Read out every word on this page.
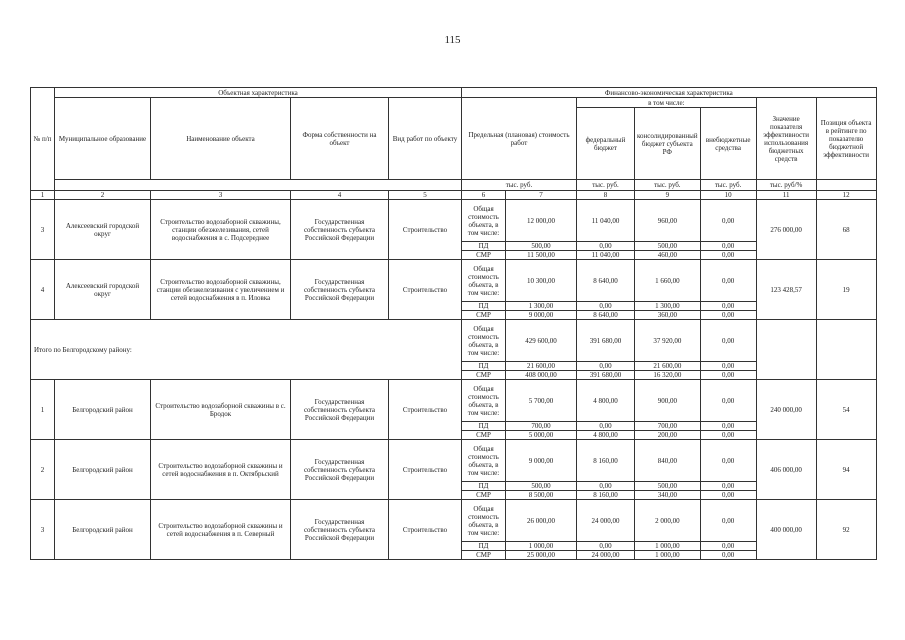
115
№ п/п	Объектная характеристика				Финансово-экономическая характеристика						
	Муниципальное образование	Наименование объекта	Форма собственности на объект	Вид работ по объекту	Предельная (плановая) стоимость работ		в том числе:			Значение показателя эффективности использования бюджетных средств	Позиция объекта в рейтинге по показателю бюджетной эффективности
							федеральный бюджет	консолидированный бюджет субъекта РФ	внебюджетные средства		
					тыс. руб.		тыс. руб.	тыс. руб.	тыс. руб.	тыс. руб/%	
1	2	3	4	5	6	7	8	9	10	11	12
3	Алексеевский городской округ	Строительство водозаборной скважины, станции обезжелезивания, сетей водоснабжения в с. Подсереднее	Государственная собственность субъекта Российской Федерации	Строительство	Общая стоимость объекта, в том числе:	12 000,00	11 040,00	960,00	0,00	276 000,00	68
					ПД	500,00	0,00	500,00	0,00		
					СМР	11 500,00	11 040,00	460,00	0,00		
4	Алексеевский городской округ	Строительство водозаборной скважины, станции обезжелезивания с увеличением и сетей водоснабжения в п. Иловка	Государственная собственность субъекта Российской Федерации	Строительство	Общая стоимость объекта, в том числе:	10 300,00	8 640,00	1 660,00	0,00	123 428,57	19
					ПД	1 300,00	0,00	1 300,00	0,00		
					СМР	9 000,00	8 640,00	360,00	0,00		
Итого по Белгородскому району:					Общая стоимость объекта, в том числе:	429 600,00	391 680,00	37 920,00	0,00		
					ПД	21 600,00	0,00	21 600,00	0,00		
					СМР	408 000,00	391 680,00	16 320,00	0,00		
1	Белгородский район	Строительство водозаборной скважины в с. Бродок	Государственная собственность субъекта Российской Федерации	Строительство	Общая стоимость объекта, в том числе:	5 700,00	4 800,00	900,00	0,00	240 000,00	54
					ПД	700,00	0,00	700,00	0,00		
					СМР	5 000,00	4 800,00	200,00	0,00		
2	Белгородский район	Строительство водозаборной скважины и сетей водоснабжения в п. Октябрьский	Государственная собственность субъекта Российской Федерации	Строительство	Общая стоимость объекта, в том числе:	9 000,00	8 160,00	840,00	0,00	406 000,00	94
					ПД	500,00	0,00	500,00	0,00		
					СМР	8 500,00	8 160,00	340,00	0,00		
3	Белгородский район	Строительство водозаборной скважины и сетей водоснабжения в п. Северный	Государственная собственность субъекта Российской Федерации	Строительство	Общая стоимость объекта, в том числе:	26 000,00	24 000,00	2 000,00	0,00	400 000,00	92
					ПД	1 000,00	0,00	1 000,00	0,00		
					СМР	25 000,00	24 000,00	1 000,00	0,00		
